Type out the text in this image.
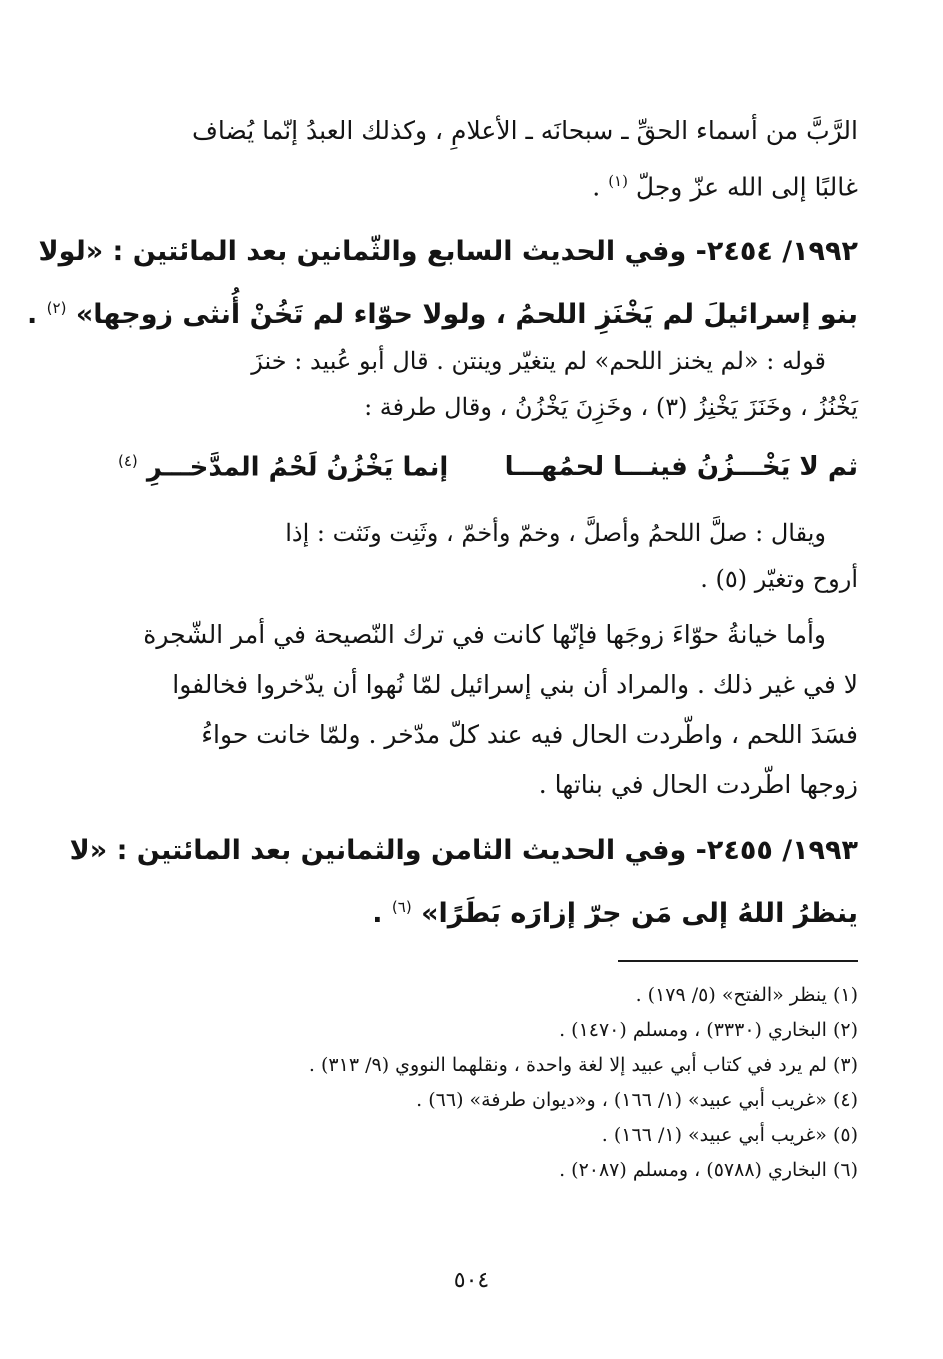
الرَّبَّ من أسماء الحقِّ ـ سبحانَه ـ الأعلامِ ، وكذلك العبدُ إنّما يُضاف
غالبًا إلى الله عزّ وجلّ $^{(١)}$ .
١٩٩٢/ ٢٤٥٤- وفي الحديث السابع والثّمانين بعد المائتين : «لولا
بنو إسرائيلَ لم يَخْنَزِ اللحمُ ، ولولا حوّاء لم تَخُنْ أُنثى زوجها» $^{(٢)}$ .
قوله : «لم يخنز اللحم» لم يتغيّر وينتن . قال أبو عُبيد : خنزَ
يَخْنُزُ ، وخَنَزَ يَخْنِزُ (٣) ، وخَزِنَ يَخْزُنُ ، وقال طرفة :
ثم لا يَخْـــزُنُ فينـــا لحمُهـــا
إنما يَخْزُنُ لَحْمُ المدَّخـــرِ $^{(٤)}$
ويقال : صلَّ اللحمُ وأصلَّ ، وخمّ وأخمّ ، وثَنِت ونَثت : إذا
أروح وتغيّر (٥) .
وأما خيانةُ حوّاءَ زوجَها فإنّها كانت في ترك النّصيحة في أمر الشّجرة
لا في غير ذلك . والمراد أن بني إسرائيل لمّا نُهوا أن يدّخروا فخالفوا
فسَدَ اللحم ، واطّردت الحال فيه عند كلّ مدّخر . ولمّا خانت حواءُ
زوجها اطّردت الحال في بناتها .
١٩٩٣/ ٢٤٥٥- وفي الحديث الثامن والثمانين بعد المائتين : «لا
ينظرُ اللهُ إلى مَن جرّ إزارَه بَطَرًا» $^{(٦)}$ .
(١) ينظر «الفتح» (٥/ ١٧٩) .
(٢) البخاري (٣٣٣٠) ، ومسلم (١٤٧٠) .
(٣) لم يرد في كتاب أبي عبيد إلا لغة واحدة ، ونقلهما النووي (٩/ ٣١٣) .
(٤) «غريب أبي عبيد» (١/ ١٦٦) ، و«ديوان طرفة» (٦٦) .
(٥) «غريب أبي عبيد» (١/ ١٦٦) .
(٦) البخاري (٥٧٨٨) ، ومسلم (٢٠٨٧) .
٥٠٤
